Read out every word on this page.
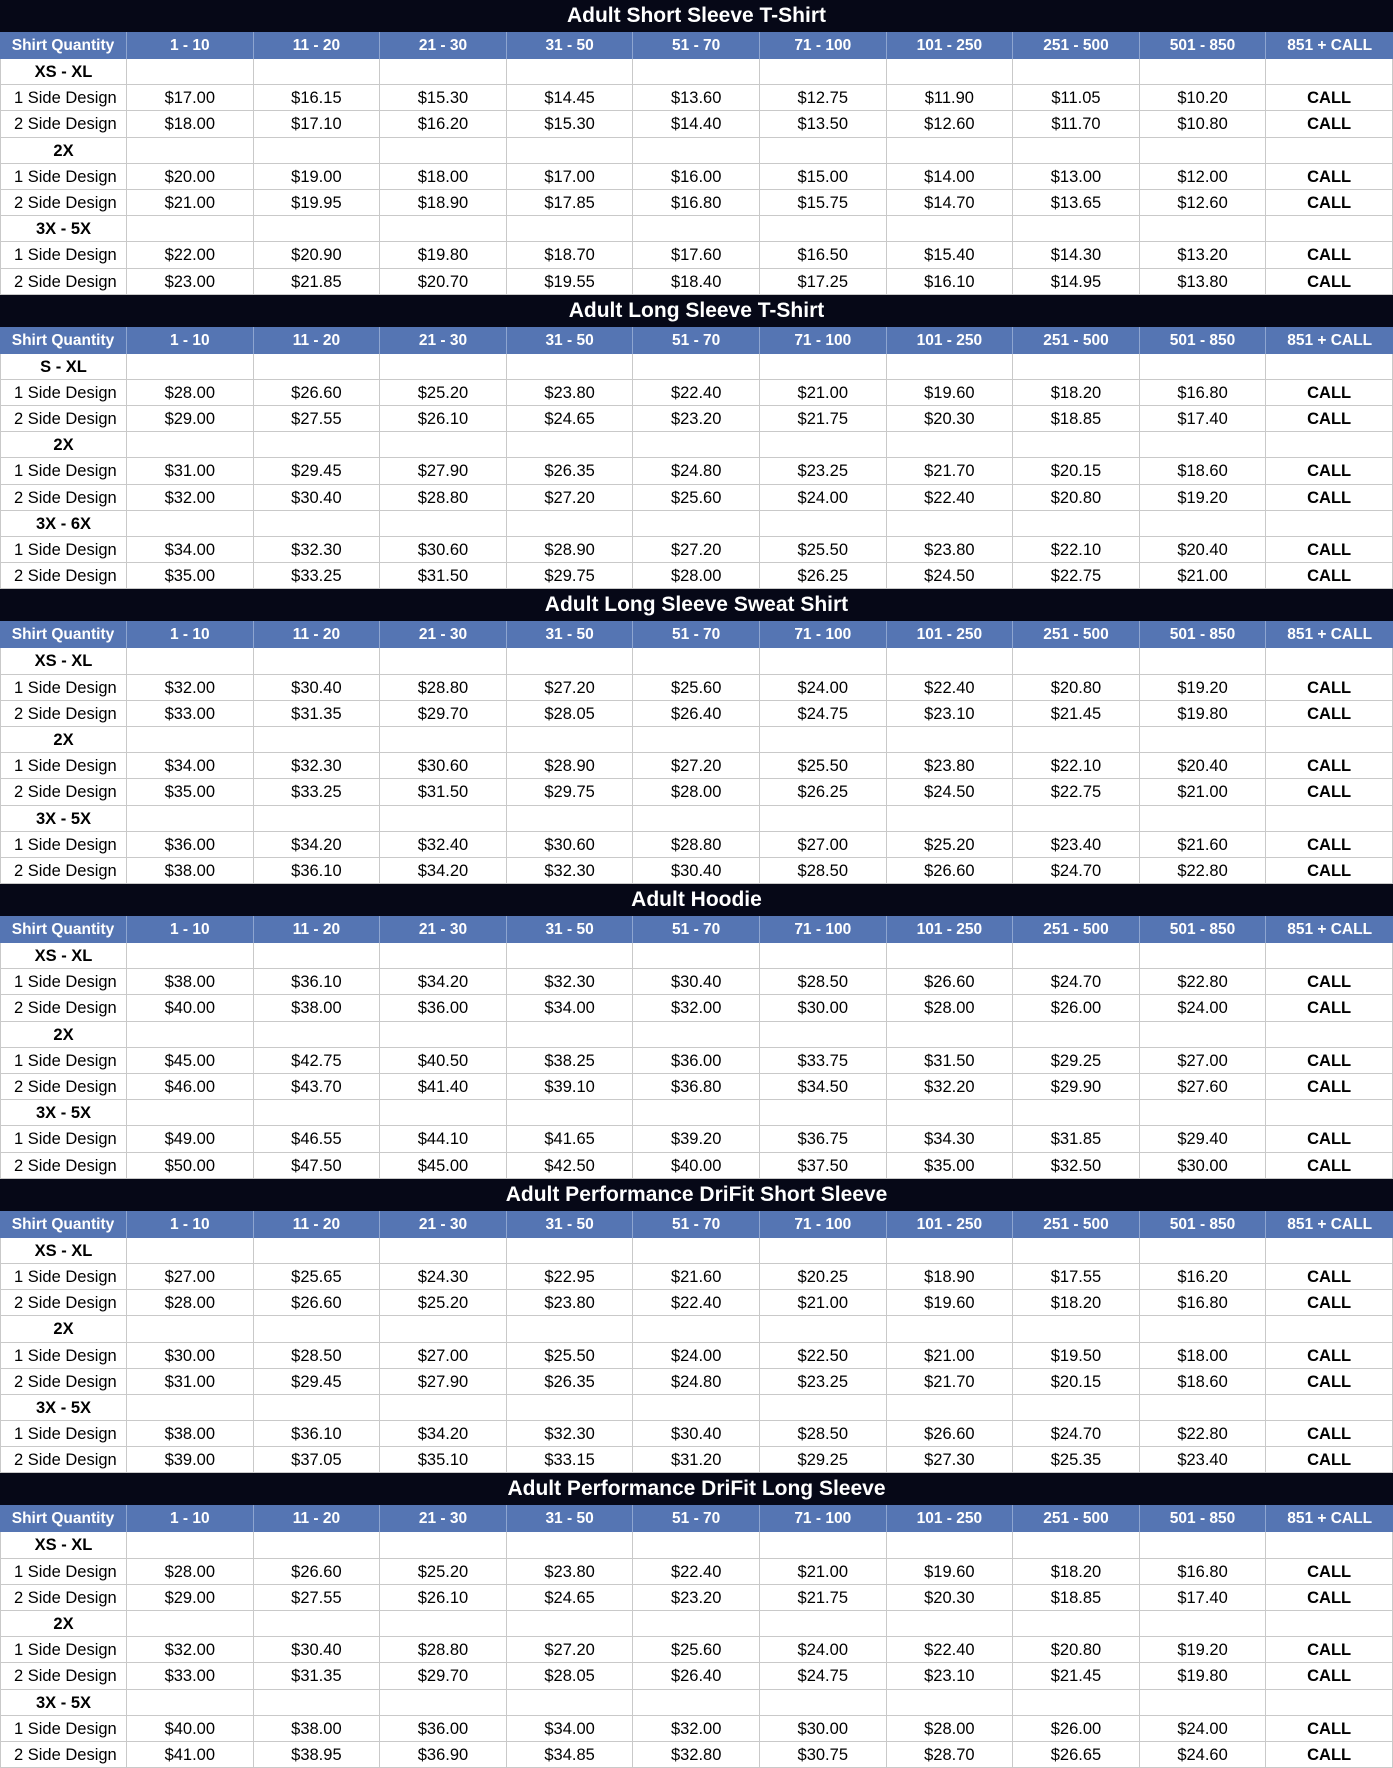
Adult Short Sleeve T-Shirt
Shirt Quantity	1 - 10	11 - 20	21 - 30	31 - 50	51 - 70	71 - 100	101 - 250	251 - 500	501 - 850	851 + CALL
XS - XL
1 Side Design	$17.00	$16.15	$15.30	$14.45	$13.60	$12.75	$11.90	$11.05	$10.20	CALL
2 Side Design	$18.00	$17.10	$16.20	$15.30	$14.40	$13.50	$12.60	$11.70	$10.80	CALL
2X
1 Side Design	$20.00	$19.00	$18.00	$17.00	$16.00	$15.00	$14.00	$13.00	$12.00	CALL
2 Side Design	$21.00	$19.95	$18.90	$17.85	$16.80	$15.75	$14.70	$13.65	$12.60	CALL
3X - 5X
1 Side Design	$22.00	$20.90	$19.80	$18.70	$17.60	$16.50	$15.40	$14.30	$13.20	CALL
2 Side Design	$23.00	$21.85	$20.70	$19.55	$18.40	$17.25	$16.10	$14.95	$13.80	CALL
Adult Long Sleeve T-Shirt
Shirt Quantity	1 - 10	11 - 20	21 - 30	31 - 50	51 - 70	71 - 100	101 - 250	251 - 500	501 - 850	851 + CALL
S - XL
1 Side Design	$28.00	$26.60	$25.20	$23.80	$22.40	$21.00	$19.60	$18.20	$16.80	CALL
2 Side Design	$29.00	$27.55	$26.10	$24.65	$23.20	$21.75	$20.30	$18.85	$17.40	CALL
2X
1 Side Design	$31.00	$29.45	$27.90	$26.35	$24.80	$23.25	$21.70	$20.15	$18.60	CALL
2 Side Design	$32.00	$30.40	$28.80	$27.20	$25.60	$24.00	$22.40	$20.80	$19.20	CALL
3X - 6X
1 Side Design	$34.00	$32.30	$30.60	$28.90	$27.20	$25.50	$23.80	$22.10	$20.40	CALL
2 Side Design	$35.00	$33.25	$31.50	$29.75	$28.00	$26.25	$24.50	$22.75	$21.00	CALL
Adult Long Sleeve Sweat Shirt
Shirt Quantity	1 - 10	11 - 20	21 - 30	31 - 50	51 - 70	71 - 100	101 - 250	251 - 500	501 - 850	851 + CALL
XS - XL
1 Side Design	$32.00	$30.40	$28.80	$27.20	$25.60	$24.00	$22.40	$20.80	$19.20	CALL
2 Side Design	$33.00	$31.35	$29.70	$28.05	$26.40	$24.75	$23.10	$21.45	$19.80	CALL
2X
1 Side Design	$34.00	$32.30	$30.60	$28.90	$27.20	$25.50	$23.80	$22.10	$20.40	CALL
2 Side Design	$35.00	$33.25	$31.50	$29.75	$28.00	$26.25	$24.50	$22.75	$21.00	CALL
3X - 5X
1 Side Design	$36.00	$34.20	$32.40	$30.60	$28.80	$27.00	$25.20	$23.40	$21.60	CALL
2 Side Design	$38.00	$36.10	$34.20	$32.30	$30.40	$28.50	$26.60	$24.70	$22.80	CALL
Adult Hoodie
Shirt Quantity	1 - 10	11 - 20	21 - 30	31 - 50	51 - 70	71 - 100	101 - 250	251 - 500	501 - 850	851 + CALL
XS - XL
1 Side Design	$38.00	$36.10	$34.20	$32.30	$30.40	$28.50	$26.60	$24.70	$22.80	CALL
2 Side Design	$40.00	$38.00	$36.00	$34.00	$32.00	$30.00	$28.00	$26.00	$24.00	CALL
2X
1 Side Design	$45.00	$42.75	$40.50	$38.25	$36.00	$33.75	$31.50	$29.25	$27.00	CALL
2 Side Design	$46.00	$43.70	$41.40	$39.10	$36.80	$34.50	$32.20	$29.90	$27.60	CALL
3X - 5X
1 Side Design	$49.00	$46.55	$44.10	$41.65	$39.20	$36.75	$34.30	$31.85	$29.40	CALL
2 Side Design	$50.00	$47.50	$45.00	$42.50	$40.00	$37.50	$35.00	$32.50	$30.00	CALL
Adult Performance DriFit Short Sleeve
Shirt Quantity	1 - 10	11 - 20	21 - 30	31 - 50	51 - 70	71 - 100	101 - 250	251 - 500	501 - 850	851 + CALL
XS - XL
1 Side Design	$27.00	$25.65	$24.30	$22.95	$21.60	$20.25	$18.90	$17.55	$16.20	CALL
2 Side Design	$28.00	$26.60	$25.20	$23.80	$22.40	$21.00	$19.60	$18.20	$16.80	CALL
2X
1 Side Design	$30.00	$28.50	$27.00	$25.50	$24.00	$22.50	$21.00	$19.50	$18.00	CALL
2 Side Design	$31.00	$29.45	$27.90	$26.35	$24.80	$23.25	$21.70	$20.15	$18.60	CALL
3X - 5X
1 Side Design	$38.00	$36.10	$34.20	$32.30	$30.40	$28.50	$26.60	$24.70	$22.80	CALL
2 Side Design	$39.00	$37.05	$35.10	$33.15	$31.20	$29.25	$27.30	$25.35	$23.40	CALL
Adult Performance DriFit Long Sleeve
Shirt Quantity	1 - 10	11 - 20	21 - 30	31 - 50	51 - 70	71 - 100	101 - 250	251 - 500	501 - 850	851 + CALL
XS - XL
1 Side Design	$28.00	$26.60	$25.20	$23.80	$22.40	$21.00	$19.60	$18.20	$16.80	CALL
2 Side Design	$29.00	$27.55	$26.10	$24.65	$23.20	$21.75	$20.30	$18.85	$17.40	CALL
2X
1 Side Design	$32.00	$30.40	$28.80	$27.20	$25.60	$24.00	$22.40	$20.80	$19.20	CALL
2 Side Design	$33.00	$31.35	$29.70	$28.05	$26.40	$24.75	$23.10	$21.45	$19.80	CALL
3X - 5X
1 Side Design	$40.00	$38.00	$36.00	$34.00	$32.00	$30.00	$28.00	$26.00	$24.00	CALL
2 Side Design	$41.00	$38.95	$36.90	$34.85	$32.80	$30.75	$28.70	$26.65	$24.60	CALL
